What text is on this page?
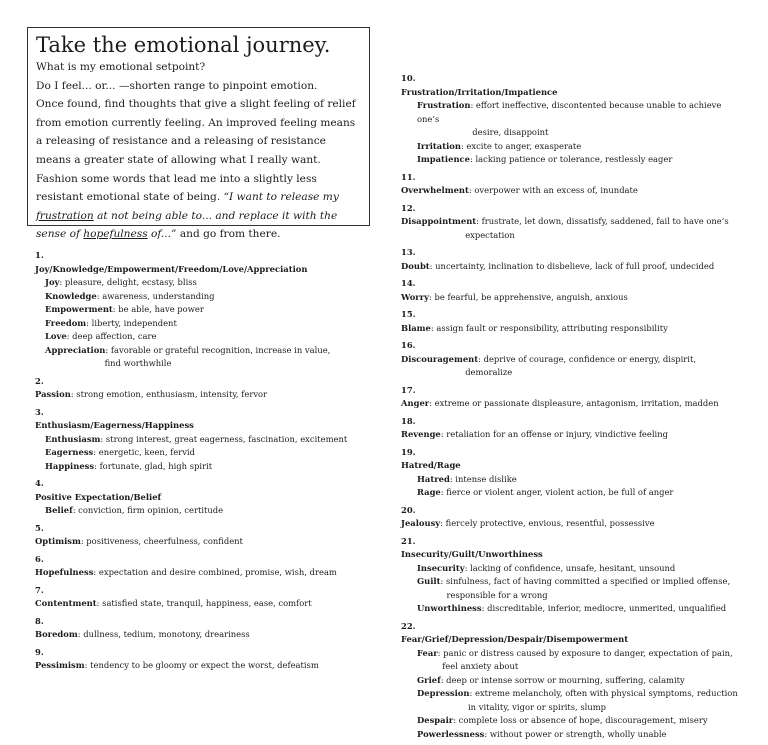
Take the emotional journey.

What is my emotional setpoint?

Do I feel... or... —shorten range to pinpoint emotion.

Once found, find thoughts that give a slight feeling of relief from emotion currently feeling. An improved feeling means a releasing of resistance and a releasing of resistance means a greater state of allowing what I really want. Fashion some words that lead me into a slightly less resistant emotional state of being. “I want to release my frustration at not being able to... and replace it with the sense of hopefulness of...” and go from there.

1.
Joy/Knowledge/Empowerment/Freedom/Love/Appreciation
Joy: pleasure, delight, ecstasy, bliss
Knowledge: awareness, understanding
Empowerment: be able, have power
Freedom: liberty, independent
Love: deep affection, care
Appreciation: favorable or grateful recognition, increase in value,
find worthwhile
2.
Passion: strong emotion, enthusiasm, intensity, fervor
3.
Enthusiasm/Eagerness/Happiness
Enthusiasm: strong interest, great eagerness, fascination, excitement
Eagerness: energetic, keen, fervid
Happiness: fortunate, glad, high spirit
4.
Positive Expectation/Belief
Belief: conviction, firm opinion, certitude
5.
Optimism: positiveness, cheerfulness, confident
6.
Hopefulness: expectation and desire combined, promise, wish, dream
7.
Contentment: satisfied state, tranquil, happiness, ease, comfort
8.
Boredom: dullness, tedium, monotony, dreariness
9.
Pessimism: tendency to be gloomy or expect the worst, defeatism
10.
Frustration/Irritation/Impatience
Frustration: effort ineffective, discontented because unable to achieve one’s
desire, disappoint
Irritation: excite to anger, exasperate
Impatience: lacking patience or tolerance, restlessly eager
11.
Overwhelment: overpower with an excess of, inundate
12.
Disappointment: frustrate, let down, dissatisfy, saddened, fail to have one’s
expectation
13.
Doubt: uncertainty, inclination to disbelieve, lack of full proof, undecided
14.
Worry: be fearful, be apprehensive, anguish, anxious
15.
Blame: assign fault or responsibility, attributing responsibility
16.
Discouragement: deprive of courage, confidence or energy, dispirit,
demoralize
17.
Anger: extreme or passionate displeasure, antagonism, irritation, madden
18.
Revenge: retaliation for an offense or injury, vindictive feeling
19.
Hatred/Rage
Hatred: intense dislike
Rage: fierce or violent anger, violent action, be full of anger
20.
Jealousy: fiercely protective, envious, resentful, possessive
21.
Insecurity/Guilt/Unworthiness
Insecurity: lacking of confidence, unsafe, hesitant, unsound
Guilt: sinfulness, fact of having committed a specified or implied offense,
responsible for a wrong
Unworthiness: discreditable, inferior, mediocre, unmerited, unqualified
22.
Fear/Grief/Depression/Despair/Disempowerment
Fear: panic or distress caused by exposure to danger, expectation of pain,
feel anxiety about
Grief: deep or intense sorrow or mourning, suffering, calamity
Depression: extreme melancholy, often with physical symptoms, reduction
in vitality, vigor or spirits, slump
Despair: complete loss or absence of hope, discouragement, misery
Powerlessness: without power or strength, wholly unable
